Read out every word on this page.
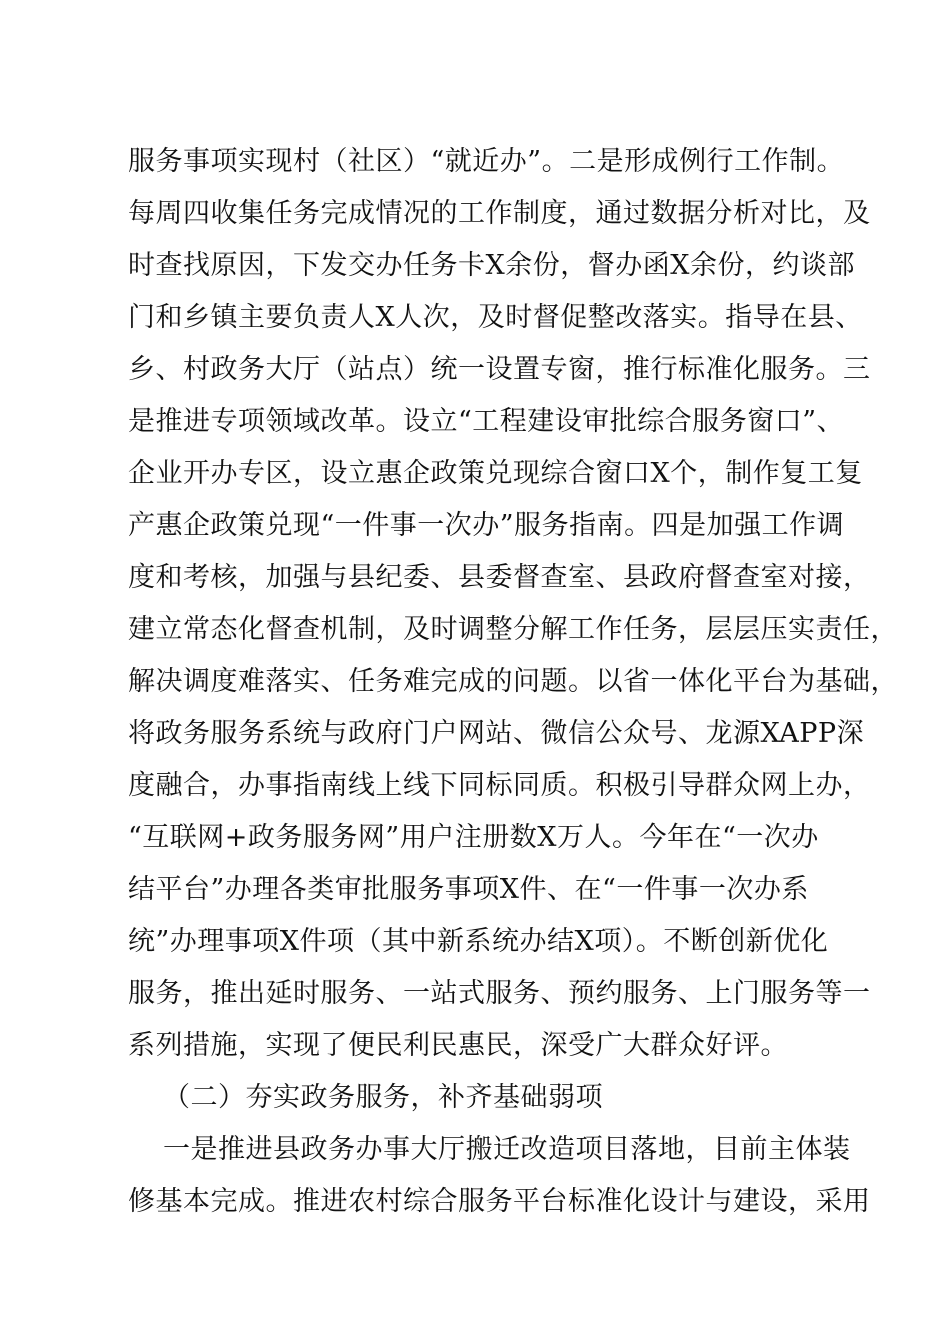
服务事项实现村（社区）“就近办”。二是形成例行工作制。
每周四收集任务完成情况的工作制度，通过数据分析对比，及
时查找原因，下发交办任务卡X余份，督办函X余份，约谈部
门和乡镇主要负责人X人次，及时督促整改落实。指导在县、
乡、村政务大厅（站点）统一设置专窗，推行标准化服务。三
是推进专项领域改革。设立“工程建设审批综合服务窗口”、
企业开办专区，设立惠企政策兑现综合窗口X个，制作复工复
产惠企政策兑现“一件事一次办”服务指南。四是加强工作调
度和考核，加强与县纪委、县委督查室、县政府督查室对接，
建立常态化督查机制，及时调整分解工作任务，层层压实责任，
解决调度难落实、任务难完成的问题。以省一体化平台为基础，
将政务服务系统与政府门户网站、微信公众号、龙源XAPP深
度融合，办事指南线上线下同标同质。积极引导群众网上办，
“互联网+政务服务网”用户注册数X万人。今年在“一次办
结平台”办理各类审批服务事项X件、在“一件事一次办系
统”办理事项X件项（其中新系统办结X项）。不断创新优化
服务，推出延时服务、一站式服务、预约服务、上门服务等一
系列措施，实现了便民利民惠民，深受广大群众好评。
（二）夯实政务服务，补齐基础弱项
一是推进县政务办事大厅搬迁改造项目落地，目前主体装
修基本完成。推进农村综合服务平台标准化设计与建设，采用
